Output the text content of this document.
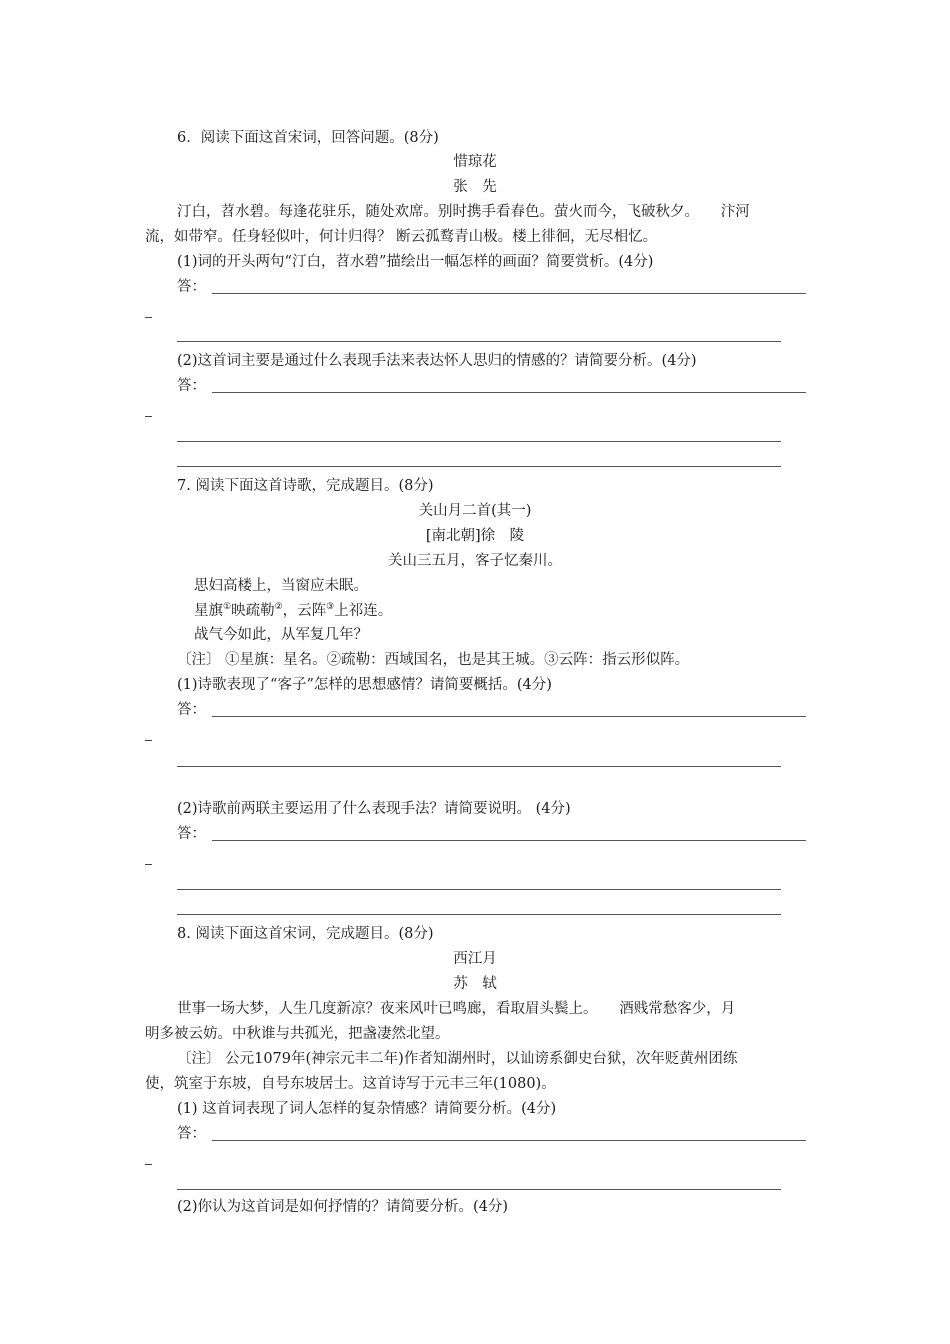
6．阅读下面这首宋词，回答问题。(8分)
惜琼花
张　先
汀白，苕水碧。每逢花驻乐，随处欢席。别时携手看春色。萤火而今，飞破秋夕。　　汴河
流，如带窄。任身轻似叶，何计归得？ 断云孤鹜青山极。楼上徘徊，无尽相忆。
(1)词的开头两句“汀白，苕水碧”描绘出一幅怎样的画面？简要赏析。(4分)
答：
(2)这首词主要是通过什么表现手法来表达怀人思归的情感的？请简要分析。(4分)
答：
7. 阅读下面这首诗歌，完成题目。(8分)
关山月二首(其一)
[南北朝]徐　陵
关山三五月，客子忆秦川。
思妇高楼上，当窗应未眠。
星旗①映疏勒②，云阵③上祁连。
战气今如此，从军复几年？
〔注〕 ①星旗：星名。②疏勒：西域国名，也是其王城。③云阵：指云形似阵。
(1)诗歌表现了“客子”怎样的思想感情？请简要概括。(4分)
答：
(2)诗歌前两联主要运用了什么表现手法？请简要说明。 (4分)
答：
8. 阅读下面这首宋词，完成题目。(8分)
西江月
苏　轼
世事一场大梦，人生几度新凉？夜来风叶已鸣廊，看取眉头鬓上。　　酒贱常愁客少，月
明多被云妨。中秋谁与共孤光，把盏凄然北望。
〔注〕 公元1079年(神宗元丰二年)作者知湖州时，以讪谤系御史台狱，次年贬黄州团练
使，筑室于东坡，自号东坡居士。这首诗写于元丰三年(1080)。
(1) 这首词表现了词人怎样的复杂情感？请简要分析。(4分)
答：
(2)你认为这首词是如何抒情的？请简要分析。(4分)
